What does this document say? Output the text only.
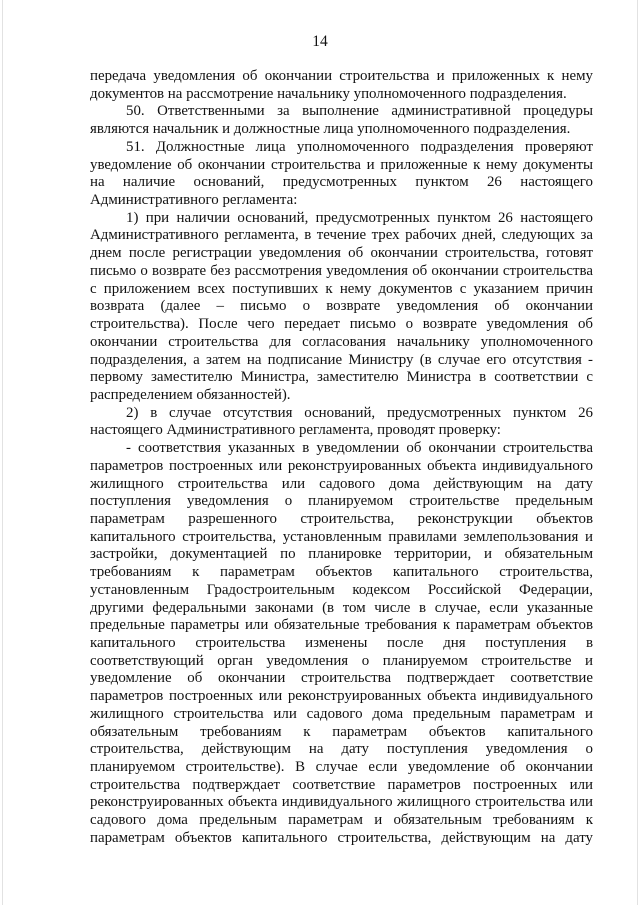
14

передача уведомления об окончании строительства и приложенных к нему

документов на рассмотрение начальнику уполномоченного подразделения.

50. Ответственными за выполнение административной процедуры

являются начальник и должностные лица уполномоченного подразделения.

51. Должностные лица уполномоченного подразделения проверяют

уведомление об окончании строительства и приложенные к нему документы

на наличие оснований, предусмотренных пунктом 26 настоящего

Административного регламента:

1) при наличии оснований, предусмотренных пунктом 26 настоящего

Административного регламента, в течение трех рабочих дней, следующих за

днем после регистрации уведомления об окончании строительства, готовят

письмо о возврате без рассмотрения уведомления об окончании строительства

с приложением всех поступивших к нему документов с указанием причин

возврата (далее – письмо о возврате уведомления об окончании

строительства). После чего передает письмо о возврате уведомления об

окончании строительства для согласования начальнику уполномоченного

подразделения, а затем на подписание Министру (в случае его отсутствия -

первому заместителю Министра, заместителю Министра в соответствии с

распределением обязанностей).

2) в случае отсутствия оснований, предусмотренных пунктом 26

настоящего Административного регламента, проводят проверку:

- соответствия указанных в уведомлении об окончании строительства

параметров построенных или реконструированных объекта индивидуального

жилищного строительства или садового дома действующим на дату

поступления уведомления о планируемом строительстве предельным

параметрам разрешенного строительства, реконструкции объектов

капитального строительства, установленным правилами землепользования и

застройки, документацией по планировке территории, и обязательным

требованиям к параметрам объектов капитального строительства,

установленным Градостроительным кодексом Российской Федерации,

другими федеральными законами (в том числе в случае, если указанные

предельные параметры или обязательные требования к параметрам объектов

капитального строительства изменены после дня поступления в

соответствующий орган уведомления о планируемом строительстве и

уведомление об окончании строительства подтверждает соответствие

параметров построенных или реконструированных объекта индивидуального

жилищного строительства или садового дома предельным параметрам и

обязательным требованиям к параметрам объектов капитального

строительства, действующим на дату поступления уведомления о

планируемом строительстве). В случае если уведомление об окончании

строительства подтверждает соответствие параметров построенных или

реконструированных объекта индивидуального жилищного строительства или

садового дома предельным параметрам и обязательным требованиям к

параметрам объектов капитального строительства, действующим на дату
